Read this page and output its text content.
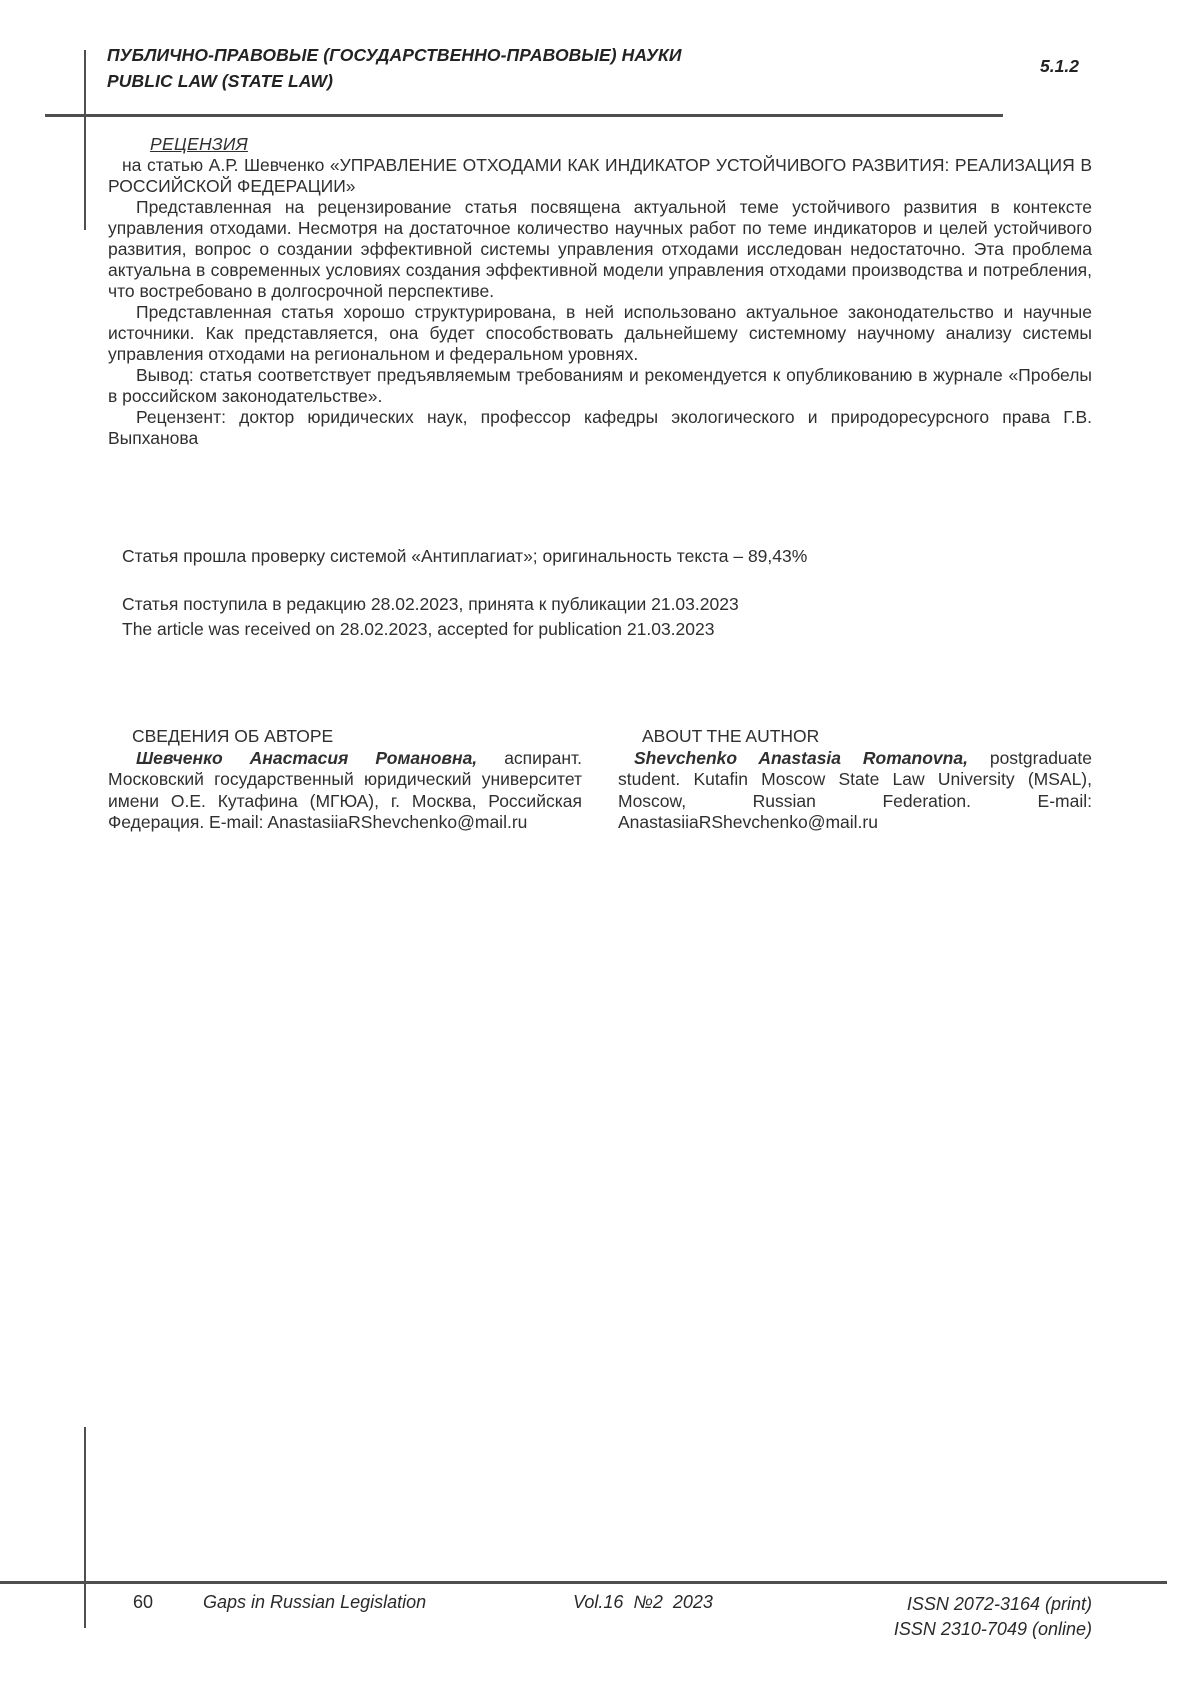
ПУБЛИЧНО-ПРАВОВЫЕ (ГОСУДАРСТВЕННО-ПРАВОВЫЕ) НАУКИ
PUBLIC LAW (STATE LAW)
5.1.2

РЕЦЕНЗИЯ

на статью А.Р. Шевченко «УПРАВЛЕНИЕ ОТХОДАМИ КАК ИНДИКАТОР УСТОЙЧИВОГО РАЗВИТИЯ: РЕАЛИЗАЦИЯ В РОССИЙСКОЙ ФЕДЕРАЦИИ»

Представленная на рецензирование статья посвящена актуальной теме устойчивого развития в контексте управления отходами. Несмотря на достаточное количество научных работ по теме индикаторов и целей устойчивого развития, вопрос о создании эффективной системы управления отходами исследован недостаточно. Эта проблема актуальна в современных условиях создания эффективной модели управления отходами производства и потребления, что востребовано в долгосрочной перспективе.

Представленная статья хорошо структурирована, в ней использовано актуальное законодательство и научные источники. Как представляется, она будет способствовать дальнейшему системному научному анализу системы управления отходами на региональном и федеральном уровнях.

Вывод: статья соответствует предъявляемым требованиям и рекомендуется к опубликованию в журнале «Пробелы в российском законодательстве».

Рецензент: доктор юридических наук, профессор кафедры экологического и природоресурсного права Г.В. Выпханова

Статья прошла проверку системой «Антиплагиат»; оригинальность текста – 89,43%
Статья поступила в редакцию 28.02.2023, принята к публикации 21.03.2023
The article was received on 28.02.2023, accepted for publication 21.03.2023

СВЕДЕНИЯ ОБ АВТОРЕ

Шевченко Анастасия Романовна, аспирант. Московский государственный юридический университет имени О.Е. Кутафина (МГЮА), г. Москва, Российская Федерация. E-mail: AnastasiiaRShevchenko@mail.ru

ABOUT THE AUTHOR

Shevchenko Anastasia Romanovna, postgraduate student. Kutafin Moscow State Law University (MSAL), Moscow, Russian Federation. E-mail: AnastasiiaRShevchenko@mail.ru

60	Gaps in Russian Legislation	Vol.16 №2 2023	ISSN 2072-3164 (print)
ISSN 2310-7049 (online)
